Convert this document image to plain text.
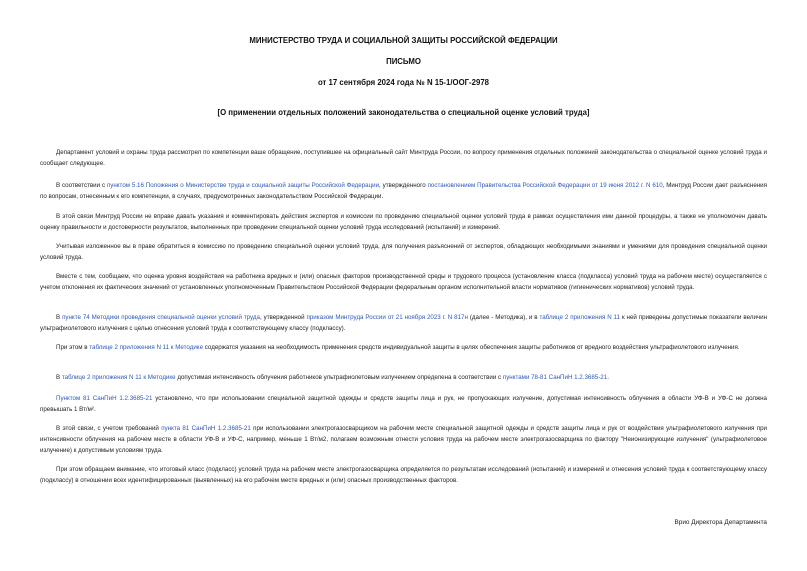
МИНИСТЕРСТВО ТРУДА И СОЦИАЛЬНОЙ ЗАЩИТЫ РОССИЙСКОЙ ФЕДЕРАЦИИ
ПИСЬМО
от 17 сентября 2024 года № N 15-1/ООГ-2978
[О применении отдельных положений законодательства о специальной оценке условий труда]
Департамент условий и охраны труда рассмотрел по компетенции ваше обращение, поступившее на официальный сайт Минтруда России, по вопросу применения отдельных положений законодательства о специальной оценке условий труда и сообщает следующее.
В соответствии с пунктом 5.16 Положения о Министерстве труда и социальной защиты Российской Федерации, утвержденного постановлением Правительства Российской Федерации от 19 июня 2012 г. N 610, Минтруд России дает разъяснения по вопросам, отнесенным к его компетенции, в случаях, предусмотренных законодательством Российской Федерации.
В этой связи Минтруд России не вправе давать указания и комментировать действия экспертов и комиссии по проведению специальной оценки условий труда в рамках осуществления ими данной процедуры, а также не уполномочен давать оценку правильности и достоверности результатов, выполненных при проведении специальной оценки условий труда исследований (испытаний) и измерений.
Учитывая изложенное вы в праве обратиться в комиссию по проведению специальной оценки условий труда, для получения разъяснений от экспертов, обладающих необходимыми знаниями и умениями для проведения специальной оценки условий труда.
Вместе с тем, сообщаем, что оценка уровня воздействия на работника вредных и (или) опасных факторов производственной среды и трудового процесса (установление класса (подкласса) условий труда на рабочем месте) осуществляется с учетом отклонения их фактических значений от установленных уполномоченным Правительством Российской Федерации федеральным органом исполнительной власти нормативов (гигиенических нормативов) условий труда.
В пункте 74 Методики проведения специальной оценки условий труда, утвержденной приказом Минтруда России от 21 ноября 2023 г. N 817н (далее - Методика), и в таблице 2 приложения N 11 к ней приведены допустимые показатели величин ультрафиолетового излучения с целью отнесения условий труда к соответствующему классу (подклассу).
При этом в таблице 2 приложения N 11 к Методике содержатся указания на необходимость применения средств индивидуальной защиты в целях обеспечения защиты работников от вредного воздействия ультрафиолетового излучения.
В таблице 2 приложения N 11 к Методике допустимая интенсивность облучения работников ультрафиолетовым излучением определена в соответствии с пунктами 78-81 СанПиН 1.2.3685-21.
Пунктом 81 СанПиН 1.2.3685-21 установлено, что при использовании специальной защитной одежды и средств защиты лица и рук, не пропускающих излучение, допустимая интенсивность облучения в области УФ-В и УФ-С не должна превышать 1 Вт/м².
В этой связи, с учетом требований пункта 81 СанПиН 1.2.3685-21 при использовании электрогазосварщиком на рабочем месте специальной защитной одежды и средств защиты лица и рук от воздействия ультрафиолетового излучения при интенсивности облучения на рабочем месте в области УФ-В и УФ-С, например, меньше 1 Вт/м2, полагаем возможным отнести условия труда на рабочем месте электрогазосварщика по фактору "Неионизирующие излучения" (ультрафиолетовое излучение) к допустимым условиям труда.
При этом обращаем внимание, что итоговый класс (подкласс) условий труда на рабочем месте электрогазосварщика определяется по результатам исследований (испытаний) и измерений и отнесения условий труда к соответствующему классу (подклассу) в отношении всех идентифицированных (выявленных) на его рабочем месте вредных и (или) опасных производственных факторов.
Врио Директора Департамента
